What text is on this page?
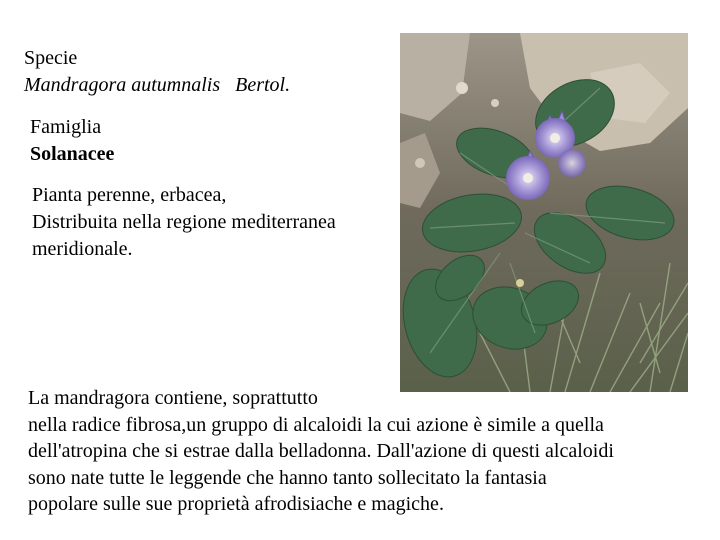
Specie
Mandragora autumnalis Bertol.
Famiglia
Solanacee
Pianta perenne, erbacea,
Distribuita nella regione mediterranea
meridionale.
La mandragora contiene, soprattutto
nella radice fibrosa,un gruppo di alcaloidi la cui azione è simile a quella
dell'atropina che si estrae dalla belladonna. Dall'azione di questi alcaloidi
sono nate tutte le leggende che hanno tanto sollecitato la fantasia
popolare sulle sue proprietà afrodisiache e magiche.
